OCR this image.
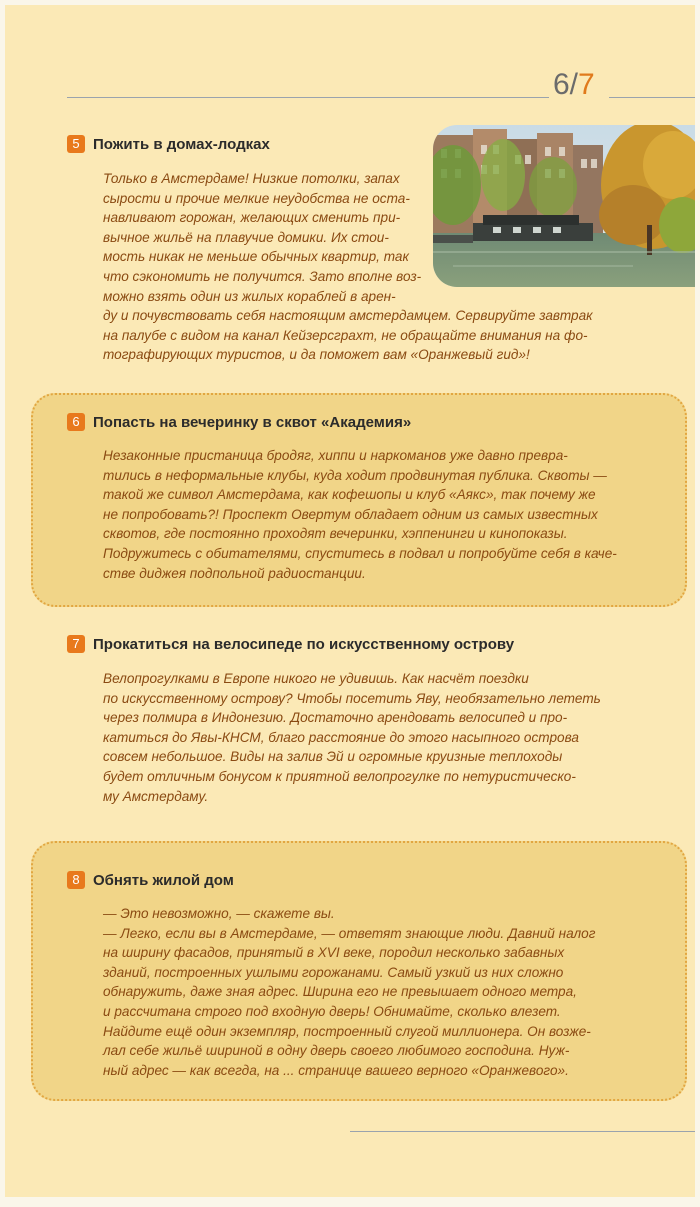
6/7
5 Пожить в домах-лодках

Только в Амстердаме! Низкие потолки, запах

сырости и прочие мелкие неудобства не оста-

навливают горожан, желающих сменить при-

вычное жильё на плавучие домики. Их стои-

мость никак не меньше обычных квартир, так

что сэкономить не получится. Зато вполне воз-

можно взять один из жилых кораблей в арен-

ду и почувствовать себя настоящим амстердамцем. Сервируйте завтрак

на палубе с видом на канал Кейзерсграхт, не обращайте внимания на фо-

тографирующих туристов, и да поможет вам «Оранжевый гид»!

6 Попасть на вечеринку в сквот «Академия»

Незаконные пристаница бродяг, хиппи и наркоманов уже давно превра-

тились в неформальные клубы, куда ходит продвинутая публика. Сквоты —

такой же символ Амстердама, как кофешопы и клуб «Аякс», так почему же

не попробовать?! Проспект Овертум обладает одним из самых известных

сквотов, где постоянно проходят вечеринки, хэппенинги и кинопоказы.

Подружитесь с обитателями, спуститесь в подвал и попробуйте себя в каче-

стве диджея подпольной радиостанции.

7 Прокатиться на велосипеде по искусственному острову

Велопрогулками в Европе никого не удивишь. Как насчёт поездки

по искусственному острову? Чтобы посетить Яву, необязательно лететь

через полмира в Индонезию. Достаточно арендовать велосипед и про-

катиться до Явы-КНСМ, благо расстояние до этого насыпного острова

совсем небольшое. Виды на залив Эй и огромные круизные теплоходы

будет отличным бонусом к приятной велопрогулке по нетуристическо-

му Амстердаму.

8 Обнять жилой дом

— Это невозможно, — скажете вы.

— Легко, если вы в Амстердаме, — ответят знающие люди. Давний налог

на ширину фасадов, принятый в XVI веке, породил несколько забавных

зданий, построенных ушлыми горожанами. Самый узкий из них сложно

обнаружить, даже зная адрес. Ширина его не превышает одного метра,

и рассчитана строго под входную дверь! Обнимайте, сколько влезет.

Найдите ещё один экземпляр, построенный слугой миллионера. Он возже-

лал себе жильё шириной в одну дверь своего любимого господина. Нуж-

ный адрес — как всегда, на ... странице вашего верного «Оранжевого».
